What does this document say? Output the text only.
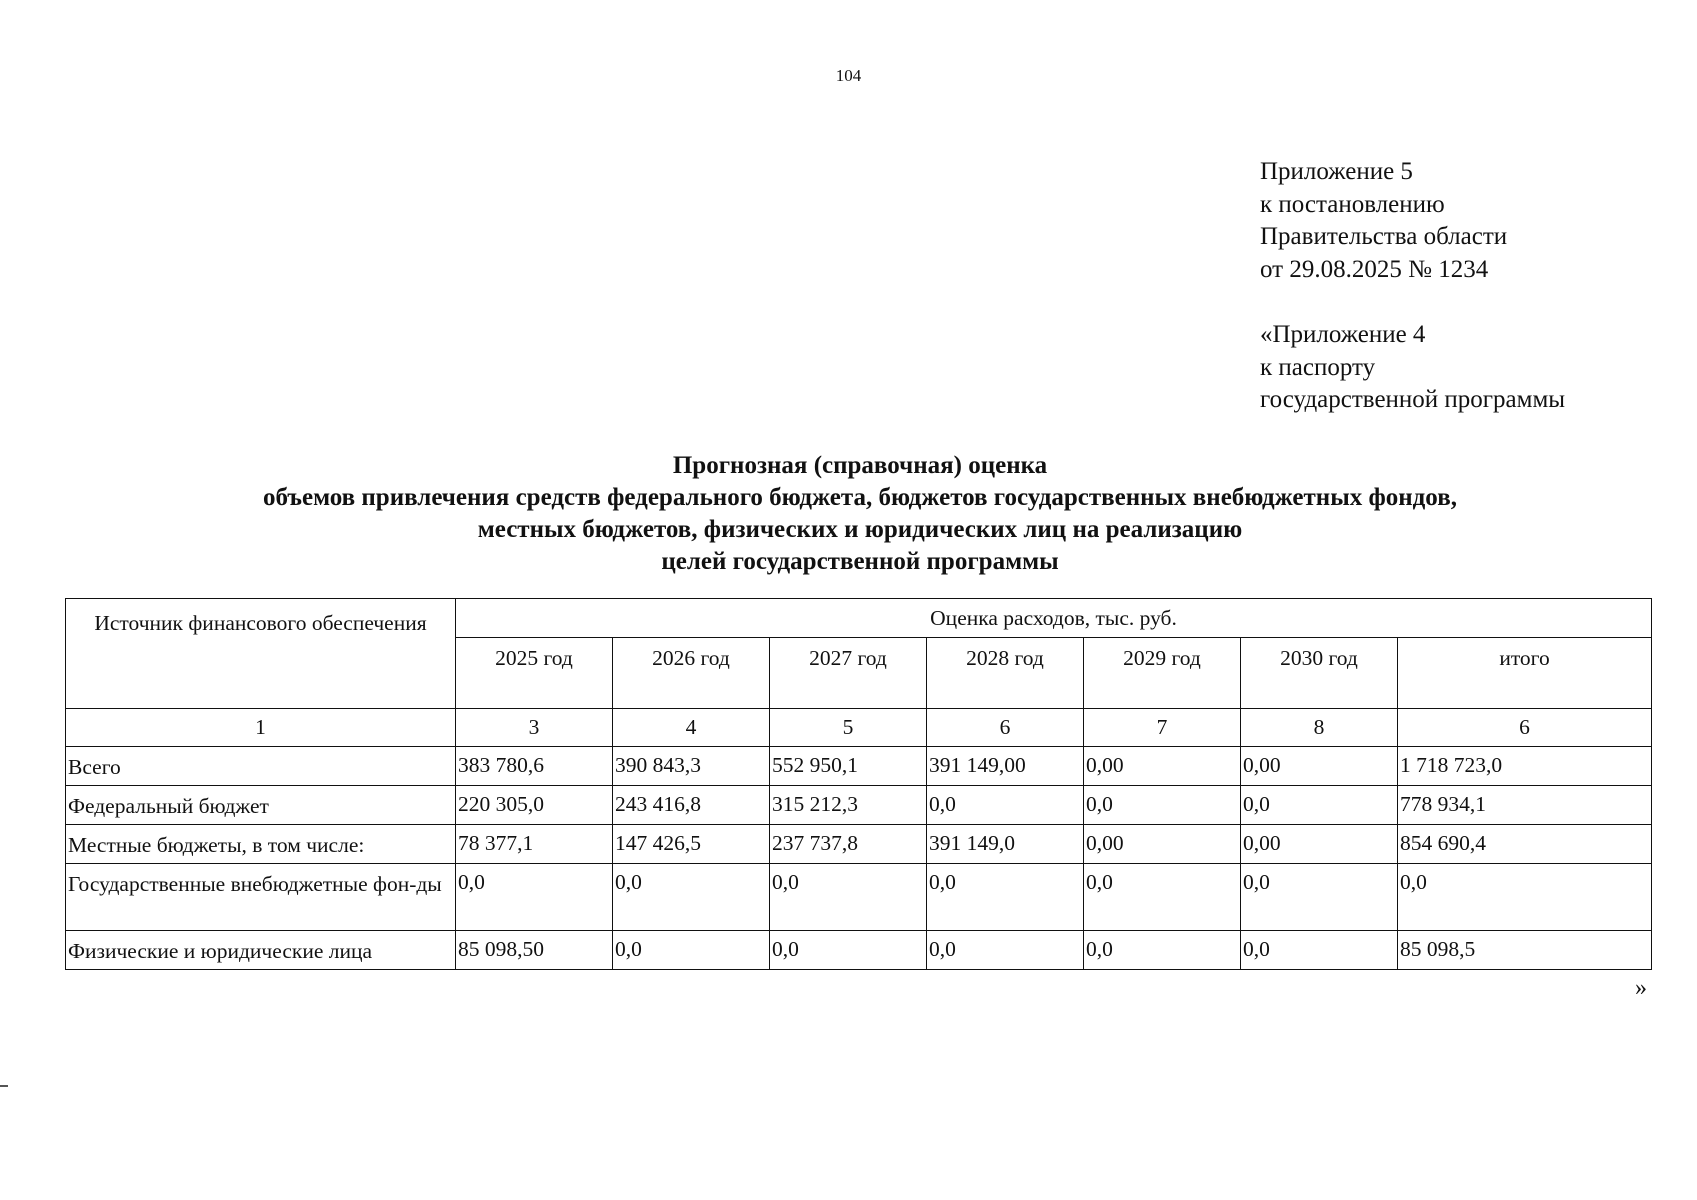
104
Приложение 5
к постановлению
Правительства области
от 29.08.2025 № 1234
«Приложение 4
к паспорту
государственной программы
Прогнозная (справочная) оценка
объемов привлечения средств федерального бюджета, бюджетов государственных внебюджетных фондов,
местных бюджетов, физических и юридических лиц на реализацию
целей государственной программы
Источник финансового обеспечения	Оценка расходов, тыс. руб.						
	2025 год	2026 год	2027 год	2028 год	2029 год	2030 год	итого
1	3	4	5	6	7	8	6
Всего	383 780,6	390 843,3	552 950,1	391 149,00	0,00	0,00	1 718 723,0
Федеральный бюджет	220 305,0	243 416,8	315 212,3	0,0	0,0	0,0	778 934,1
Местные бюджеты, в том числе:	78 377,1	147 426,5	237 737,8	391 149,0	0,00	0,00	854 690,4
Государственные внебюджетные фон-ды	0,0	0,0	0,0	0,0	0,0	0,0	0,0
Физические и юридические лица	85 098,50	0,0	0,0	0,0	0,0	0,0	85 098,5
»
